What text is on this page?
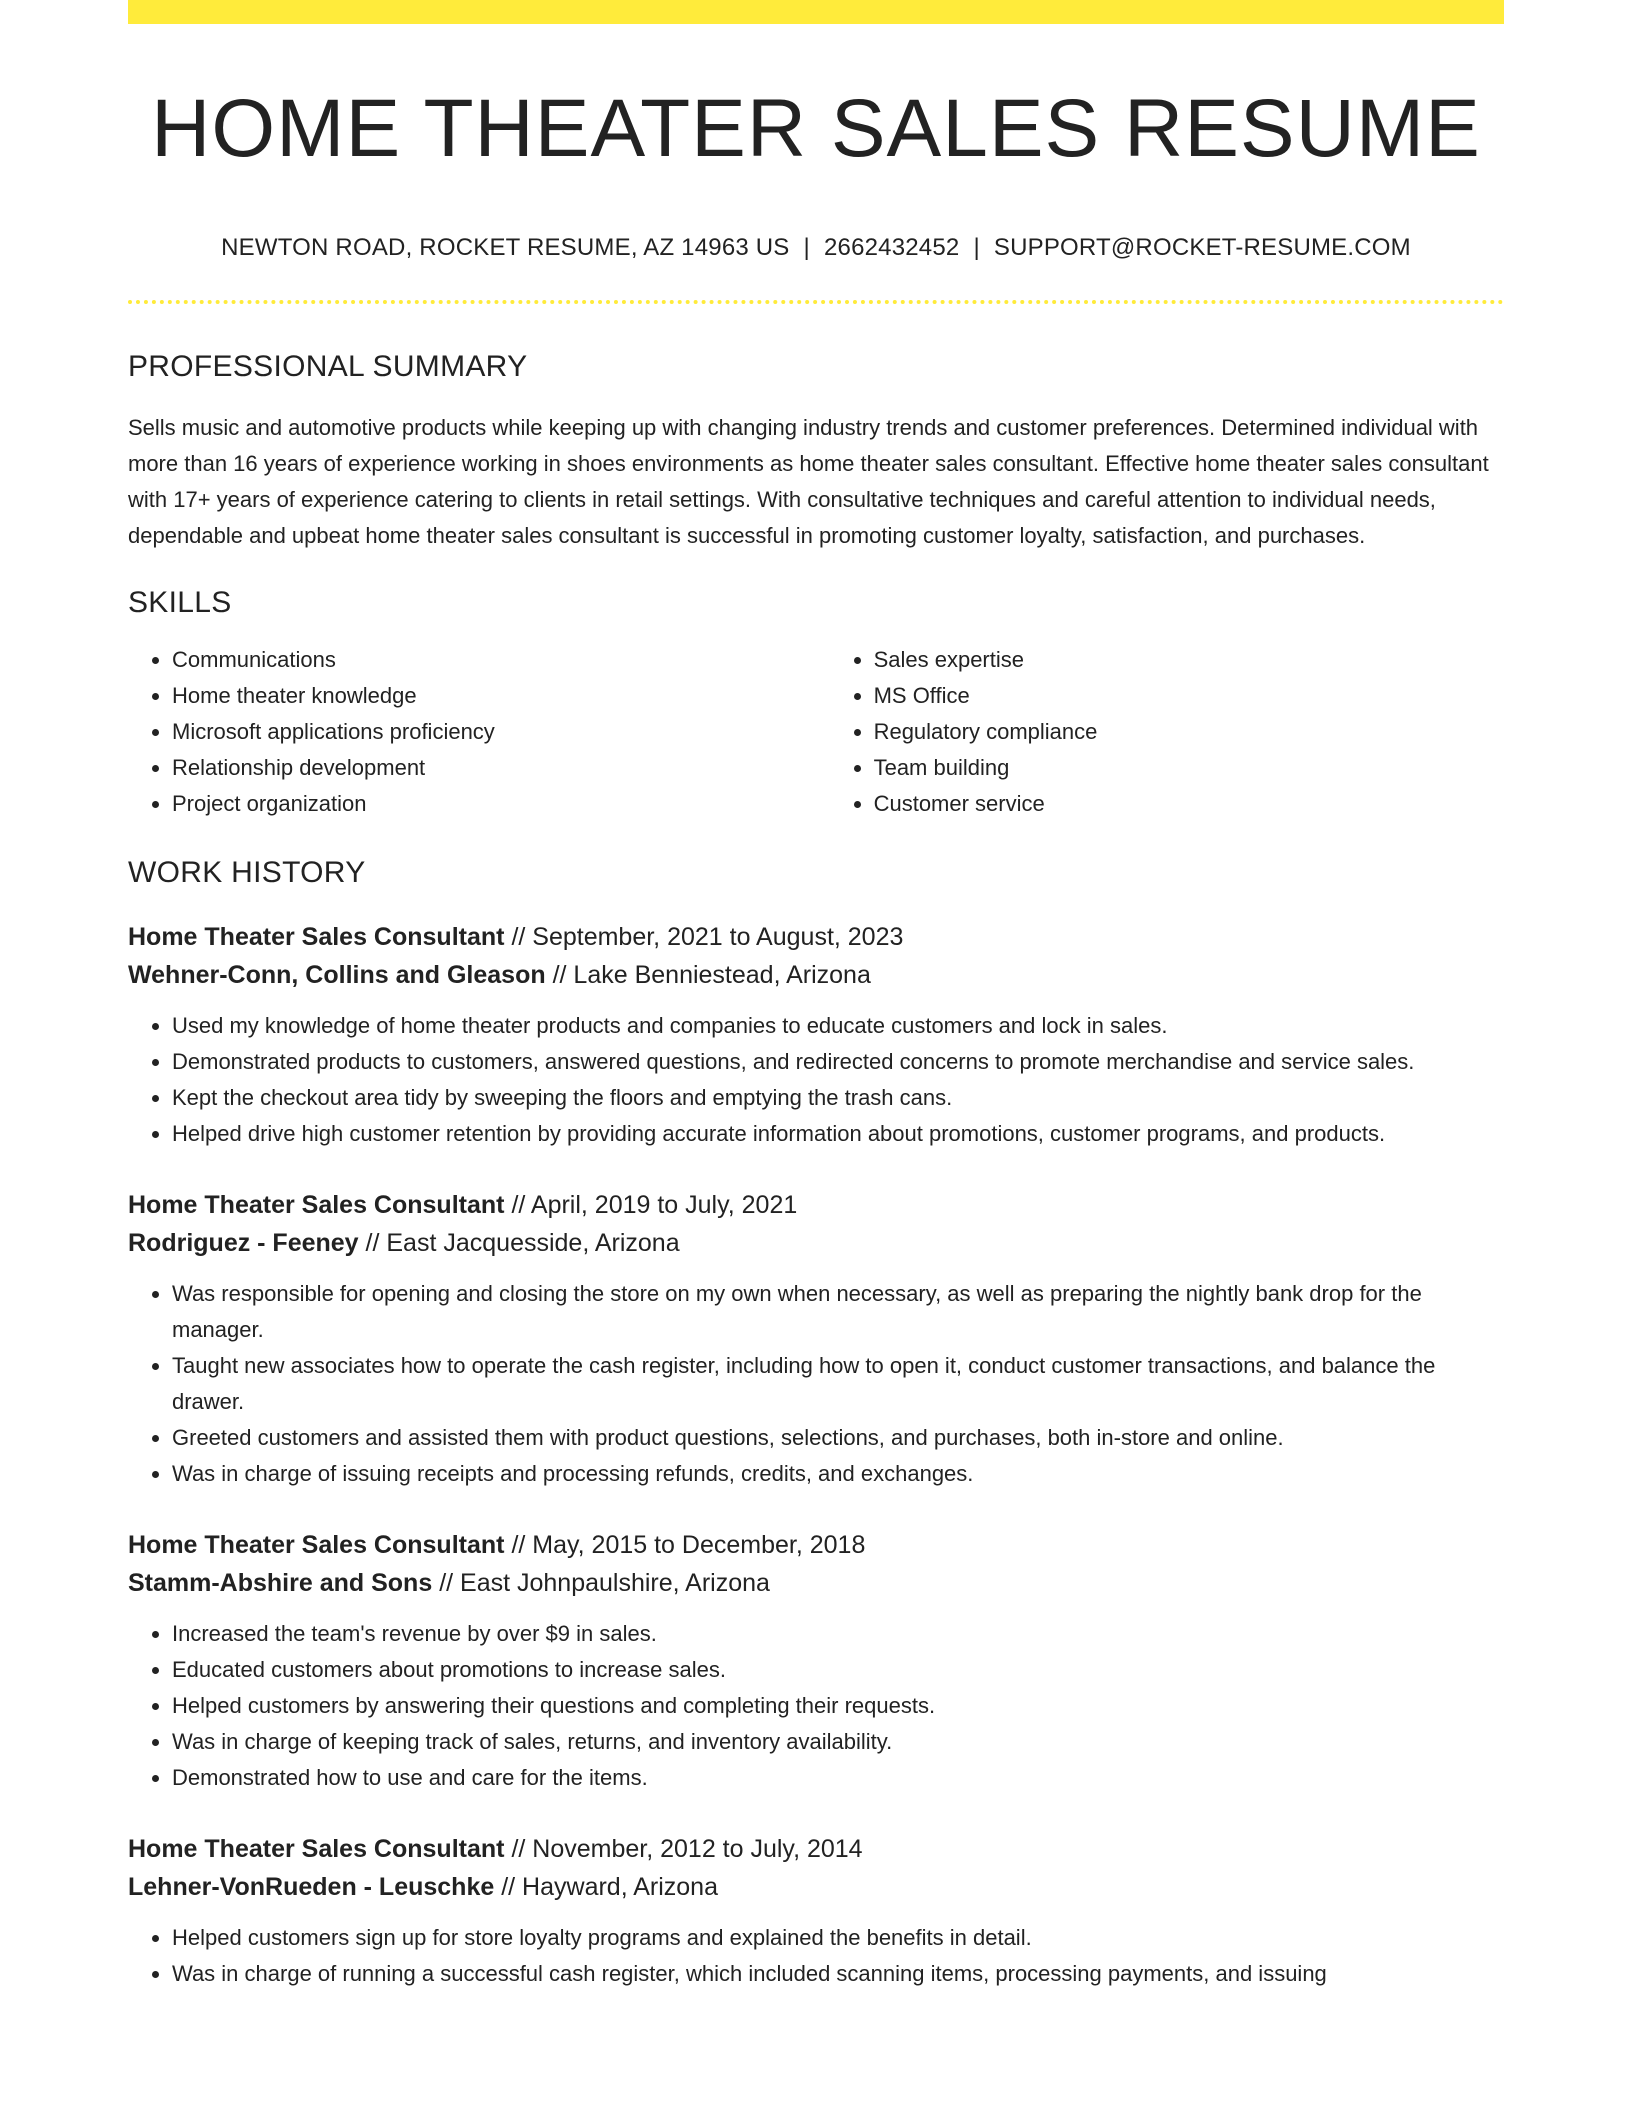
HOME THEATER SALES RESUME
NEWTON ROAD, ROCKET RESUME, AZ 14963 US | 2662432452 | SUPPORT@ROCKET-RESUME.COM
PROFESSIONAL SUMMARY

Sells music and automotive products while keeping up with changing industry trends and customer preferences. Determined individual with more than 16 years of experience working in shoes environments as home theater sales consultant. Effective home theater sales consultant with 17+ years of experience catering to clients in retail settings. With consultative techniques and careful attention to individual needs, dependable and upbeat home theater sales consultant is successful in promoting customer loyalty, satisfaction, and purchases.

SKILLS
• Communications
• Home theater knowledge
• Microsoft applications proficiency
• Relationship development
• Project organization
• Sales expertise
• MS Office
• Regulatory compliance
• Team building
• Customer service
WORK HISTORY
Home Theater Sales Consultant // September, 2021 to August, 2023
Wehner-Conn, Collins and Gleason // Lake Benniestead, Arizona
• Used my knowledge of home theater products and companies to educate customers and lock in sales.
• Demonstrated products to customers, answered questions, and redirected concerns to promote merchandise and service sales.
• Kept the checkout area tidy by sweeping the floors and emptying the trash cans.
• Helped drive high customer retention by providing accurate information about promotions, customer programs, and products.
Home Theater Sales Consultant // April, 2019 to July, 2021
Rodriguez - Feeney // East Jacquesside, Arizona
• Was responsible for opening and closing the store on my own when necessary, as well as preparing the nightly bank drop for the manager.
• Taught new associates how to operate the cash register, including how to open it, conduct customer transactions, and balance the drawer.
• Greeted customers and assisted them with product questions, selections, and purchases, both in-store and online.
• Was in charge of issuing receipts and processing refunds, credits, and exchanges.
Home Theater Sales Consultant // May, 2015 to December, 2018
Stamm-Abshire and Sons // East Johnpaulshire, Arizona
• Increased the team's revenue by over $9 in sales.
• Educated customers about promotions to increase sales.
• Helped customers by answering their questions and completing their requests.
• Was in charge of keeping track of sales, returns, and inventory availability.
• Demonstrated how to use and care for the items.
Home Theater Sales Consultant // November, 2012 to July, 2014
Lehner-VonRueden - Leuschke // Hayward, Arizona
• Helped customers sign up for store loyalty programs and explained the benefits in detail.
• Was in charge of running a successful cash register, which included scanning items, processing payments, and issuing
